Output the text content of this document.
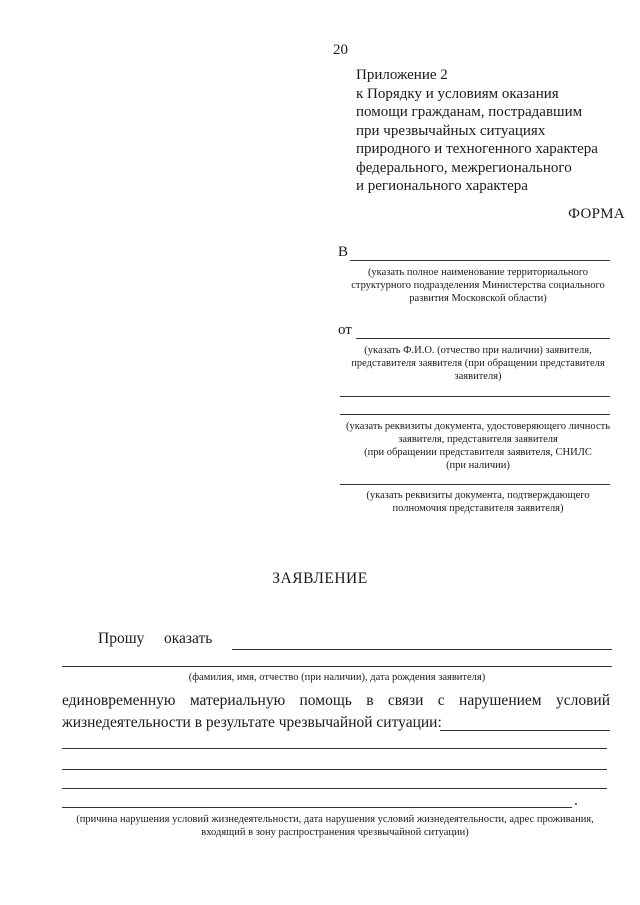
20
Приложение 2
к Порядку и условиям оказания
помощи гражданам, пострадавшим
при чрезвычайных ситуациях
природного и техногенного характера
федерального, межрегионального
и регионального характера
ФОРМА
В
(указать полное наименование территориального
структурного подразделения Министерства социального
развития Московской области)
от
(указать Ф.И.О. (отчество при наличии) заявителя,
представителя заявителя (при обращении представителя
заявителя)
(указать реквизиты документа, удостоверяющего личность
заявителя, представителя заявителя
(при обращении представителя заявителя, СНИЛС
(при наличии)
(указать реквизиты документа, подтверждающего
полномочия представителя заявителя)
ЗАЯВЛЕНИЕ
Прошу оказать
(фамилия, имя, отчество (при наличии), дата рождения заявителя)
единовременную материальную помощь в связи с нарушением условий
жизнедеятельности в результате чрезвычайной ситуации:
.
(причина нарушения условий жизнедеятельности, дата нарушения условий жизнедеятельности, адрес проживания,
входящий в зону распространения чрезвычайной ситуации)
